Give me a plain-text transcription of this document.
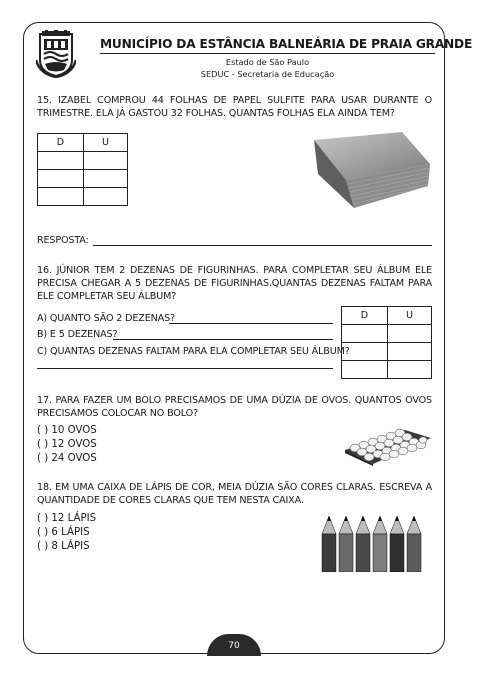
MUNICÍPIO DA ESTÂNCIA BALNEÁRIA DE PRAIA GRANDE
Estado de São Paulo
SEDUC - Secretaria de Educação
15. IZABEL COMPROU 44 FOLHAS DE PAPEL SULFITE PARA USAR DURANTE O TRIMESTRE. ELA JÁ GASTOU 32 FOLHAS. QUANTAS FOLHAS ELA AINDA TEM?
D	U

RESPOSTA:
16. JÚNIOR TEM 2 DEZENAS DE FIGURINHAS. PARA COMPLETAR SEU ÁLBUM ELE PRECISA CHEGAR A 5 DEZENAS DE FIGURINHAS.QUANTAS DEZENAS FALTAM PARA ELE COMPLETAR SEU ÁLBUM?
A) QUANTO SÃO 2 DEZENAS?
B) E 5 DEZENAS?
C) QUANTAS DEZENAS FALTAM PARA ELA COMPLETAR SEU ÁLBUM?
D	U

17. PARA FAZER UM BOLO PRECISAMOS DE UMA DÚZIA DE OVOS. QUANTOS OVOS PRECISAMOS COLOCAR NO BOLO?
( ) 10 OVOS
( ) 12 OVOS
( ) 24 OVOS
18. EM UMA CAIXA DE LÁPIS DE COR, MEIA DÚZIA SÃO CORES CLARAS. ESCREVA A QUANTIDADE DE CORES CLARAS QUE TEM NESTA CAIXA.
( ) 12 LÁPIS
( ) 6 LÁPIS
( ) 8 LÁPIS
70
